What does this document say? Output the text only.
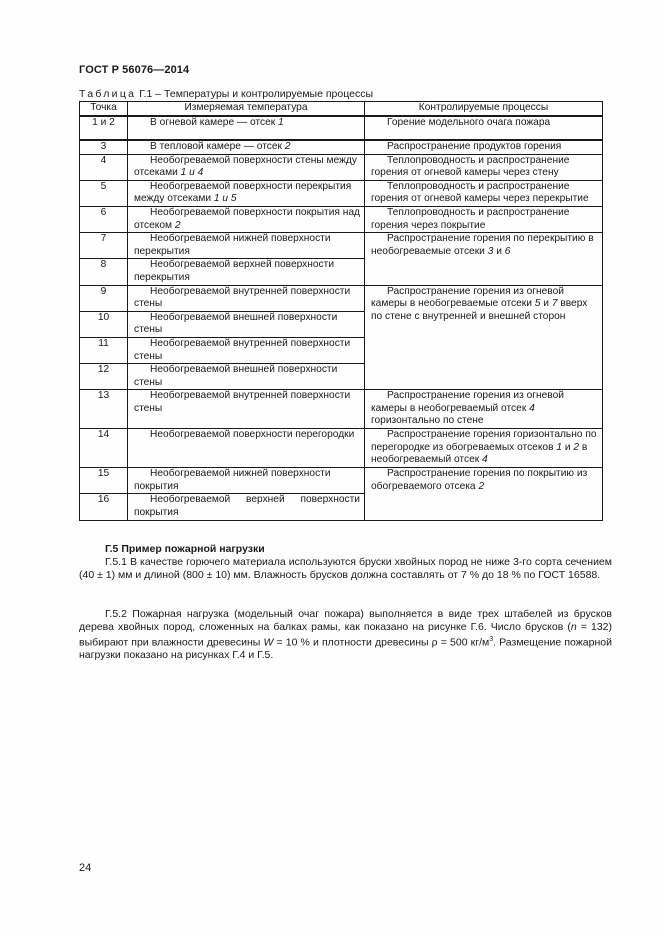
ГОСТ Р 56076—2014
Таблица Г.1 – Температуры и контролируемые процессы
Точка	Измеряемая температура	Контролируемые процессы
1 и 2	В огневой камере — отсек 1	Горение модельного очага пожара

3	В тепловой камере — отсек 2	Распространение продуктов горения

4	Необогреваемой поверхности стены между отсеками 1 и 4	Теплопроводность и распространение горения от огневой камеры через стену

5	Необогреваемой поверхности перекрытия между отсеками 1 и 5	Теплопроводность и распространение горения от огневой камеры через перекрытие

6	Необогреваемой поверхности покрытия над отсеком 2	Теплопроводность и распространение горения через покрытие

7	Необогреваемой нижней поверхности перекрытия	Распространение горения по перекрытию в необогреваемые отсеки 3 и 6

8	Необогреваемой верхней поверхности перекрытия	

9	Необогреваемой внутренней поверхности стены	Распространение горения из огневой камеры в необогреваемые отсеки 5 и 7 вверх по стене с внутренней и внешней сторон

10	Необогреваемой внешней поверхности стены	

11	Необогреваемой внутренней поверхности стены	

12	Необогреваемой внешней поверхности стены	

13	Необогреваемой внутренней поверхности стены	Распространение горения из огневой камеры в необогреваемый отсек 4 горизонтально по стене

14	Необогреваемой поверхности перегородки	Распространение горения горизонтально по перегородке из обогреваемых отсеков 1 и 2 в необогреваемый отсек 4

15	Необогреваемой нижней поверхности покрытия	Распространение горения по покрытию из обогреваемого отсека 2

16	Необогреваемой верхней поверхности покрытия	
Г.5 Пример пожарной нагрузки
Г.5.1 В качестве горючего материала используются бруски хвойных пород не ниже 3-го сорта сечением (40 ± 1) мм и длиной (800 ± 10) мм. Влажность брусков должна составлять от 7 % до 18 % по ГОСТ 16588.
Г.5.2 Пожарная нагрузка (модельный очаг пожара) выполняется в виде трех штабелей из брусков дерева хвойных пород, сложенных на балках рамы, как показано на рисунке Г.6. Число брусков (n = 132) выбирают при влажности древесины W = 10 % и плотности древесины ρ = 500 $кг/м^3$. Размещение пожарной нагрузки показано на рисунках Г.4 и Г.5.
24
